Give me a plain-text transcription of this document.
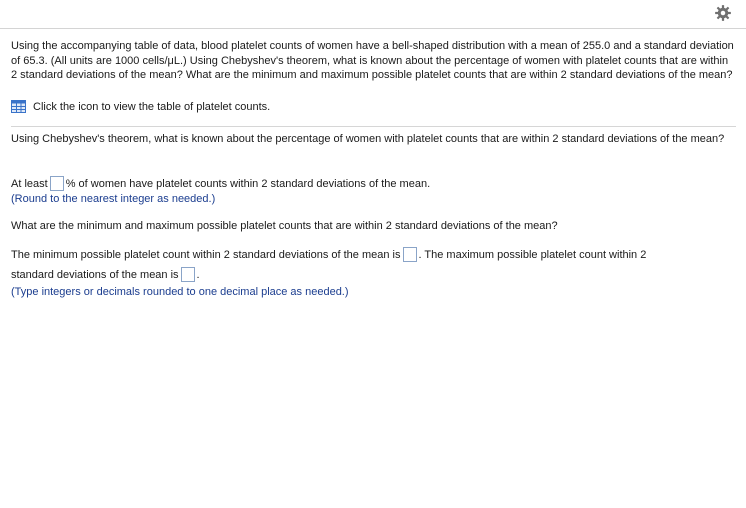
Using the accompanying table of data, blood platelet counts of women have a bell-shaped distribution with a mean of 255.0 and a standard deviation of 65.3. (All units are 1000 cells/μL.) Using Chebyshev's theorem, what is known about the percentage of women with platelet counts that are within 2 standard deviations of the mean? What are the minimum and maximum possible platelet counts that are within 2 standard deviations of the mean?
Click the icon to view the table of platelet counts.
Using Chebyshev's theorem, what is known about the percentage of women with platelet counts that are within 2 standard deviations of the mean?
At least % of women have platelet counts within 2 standard deviations of the mean.
(Round to the nearest integer as needed.)
What are the minimum and maximum possible platelet counts that are within 2 standard deviations of the mean?
The minimum possible platelet count within 2 standard deviations of the mean is . The maximum possible platelet count within 2
standard deviations of the mean is .
(Type integers or decimals rounded to one decimal place as needed.)
